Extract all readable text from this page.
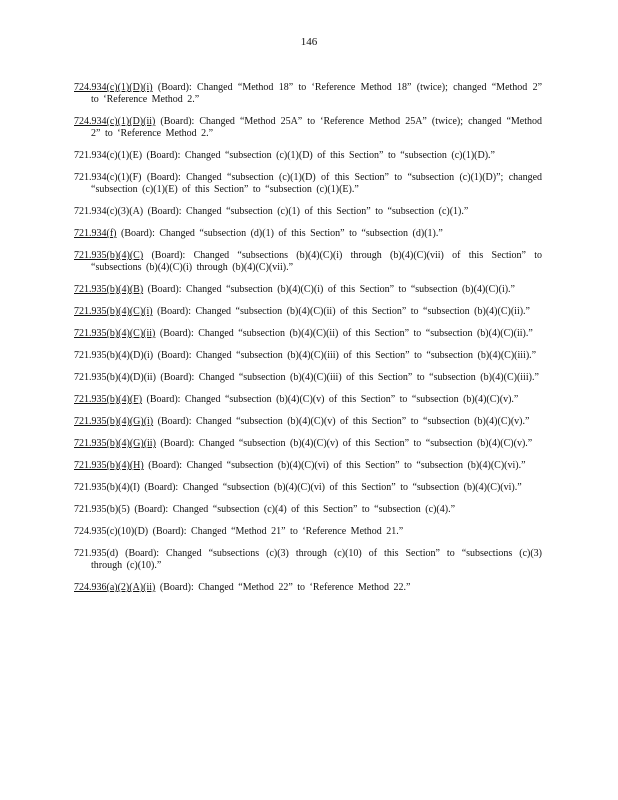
146

724.934(c)(1)(D)(i) (Board): Changed “Method 18” to ‘Reference Method 18” (twice); changed “Method 2” to ‘Reference Method 2.”

724.934(c)(1)(D)(ii) (Board): Changed “Method 25A” to ‘Reference Method 25A” (twice); changed “Method 2” to ‘Reference Method 2.”

721.934(c)(1)(E) (Board): Changed “subsection (c)(1)(D) of this Section” to “subsection (c)(1)(D).”

721.934(c)(1)(F) (Board): Changed “subsection (c)(1)(D) of this Section” to “subsection (c)(1)(D)”; changed “subsection (c)(1)(E) of this Section” to “subsection (c)(1)(E).”

721.934(c)(3)(A) (Board): Changed “subsection (c)(1) of this Section” to “subsection (c)(1).”

721.934(f) (Board): Changed “subsection (d)(1) of this Section” to “subsection (d)(1).”

721.935(b)(4)(C) (Board): Changed “subsections (b)(4)(C)(i) through (b)(4)(C)(vii) of this Section” to “subsections (b)(4)(C)(i) through (b)(4)(C)(vii).”

721.935(b)(4)(B) (Board): Changed “subsection (b)(4)(C)(i) of this Section” to “subsection (b)(4)(C)(i).”

721.935(b)(4)(C)(i) (Board): Changed “subsection (b)(4)(C)(ii) of this Section” to “subsection (b)(4)(C)(ii).”

721.935(b)(4)(C)(ii) (Board): Changed “subsection (b)(4)(C)(ii) of this Section” to “subsection (b)(4)(C)(ii).”

721.935(b)(4)(D)(i) (Board): Changed “subsection (b)(4)(C)(iii) of this Section” to “subsection (b)(4)(C)(iii).”

721.935(b)(4)(D)(ii) (Board): Changed “subsection (b)(4)(C)(iii) of this Section” to “subsection (b)(4)(C)(iii).”

721.935(b)(4)(F) (Board): Changed “subsection (b)(4)(C)(v) of this Section” to “subsection (b)(4)(C)(v).”

721.935(b)(4)(G)(i) (Board): Changed “subsection (b)(4)(C)(v) of this Section” to “subsection (b)(4)(C)(v).”

721.935(b)(4)(G)(ii) (Board): Changed “subsection (b)(4)(C)(v) of this Section” to “subsection (b)(4)(C)(v).”

721.935(b)(4)(H) (Board): Changed “subsection (b)(4)(C)(vi) of this Section” to “subsection (b)(4)(C)(vi).”

721.935(b)(4)(I) (Board): Changed “subsection (b)(4)(C)(vi) of this Section” to “subsection (b)(4)(C)(vi).”

721.935(b)(5) (Board): Changed “subsection (c)(4) of this Section” to “subsection (c)(4).”

724.935(c)(10)(D) (Board): Changed “Method 21” to ‘Reference Method 21.”

721.935(d) (Board): Changed “subsections (c)(3) through (c)(10) of this Section” to “subsections (c)(3) through (c)(10).”

724.936(a)(2)(A)(ii) (Board): Changed “Method 22” to ‘Reference Method 22.”
